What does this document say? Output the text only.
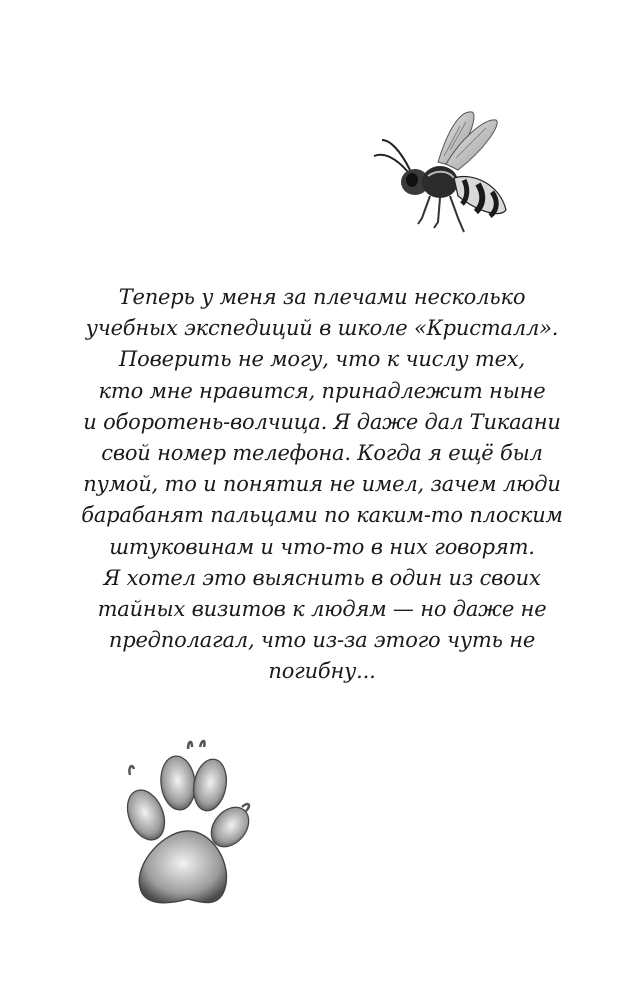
Теперь у меня за плечами несколько
учебных экспедиций в школе «Кристалл».
Поверить не могу, что к числу тех,
кто мне нравится, принадлежит ныне
и оборотень-волчица. Я даже дал Тикаани
свой номер телефона. Когда я ещё был
пумой, то и понятия не имел, зачем люди
барабанят пальцами по каким-то плоским
штуковинам и что-то в них говорят.
Я хотел это выяснить в один из своих
тайных визитов к людям — но даже не
предполагал, что из-за этого чуть не
погибну...
